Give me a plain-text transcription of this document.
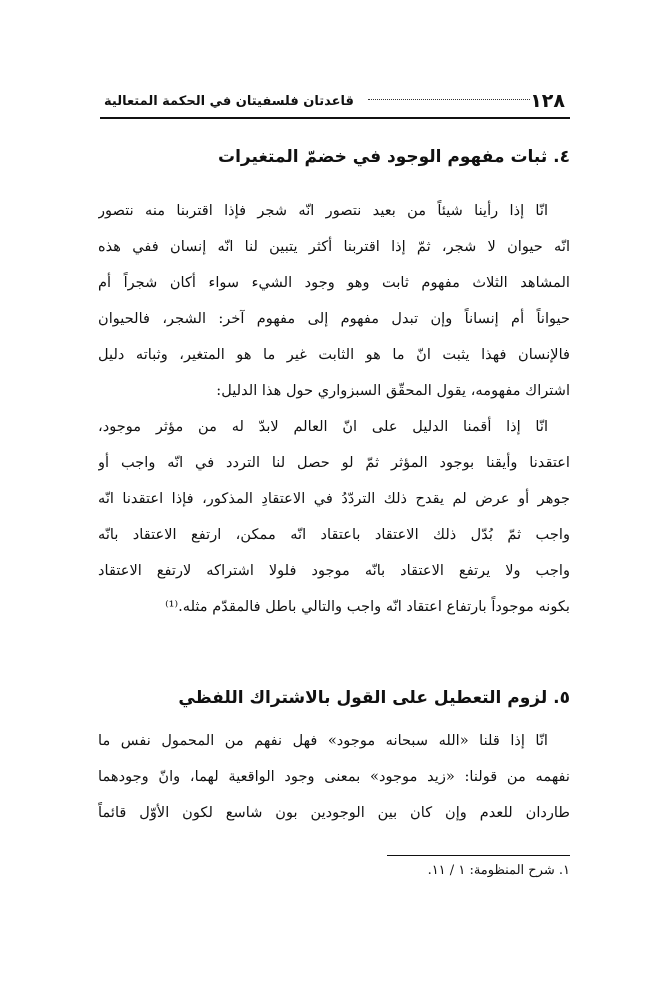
١٢٨
قاعدتان فلسفيتان في الحكمة المتعالية
٤. ثبات مفهوم الوجود في خضمّ المتغيرات
انّا إذا رأينا شيئاً من بعيد نتصور انّه شجر فإذا اقتربنا منه نتصور
انّه حيوان لا شجر، ثمّ إذا اقتربنا أكثر يتبين لنا انّه إنسان ففي هذه
المشاهد الثلاث مفهوم ثابت وهو وجود الشيء سواء أكان شجراً أم
حيواناً أم إنساناً وإن تبدل مفهوم إلى مفهوم آخر: الشجر، فالحيوان
فالإنسان فهذا يثبت انّ ما هو الثابت غير ما هو المتغير، وثباته دليل
اشتراك مفهومه، يقول المحقّق السبزواري حول هذا الدليل:
انّا إذا أقمنا الدليل على انّ العالم لابدّ له من مؤثر موجود،
اعتقدنا وأيقنا بوجود المؤثر ثمّ لو حصل لنا التردد في انّه واجب أو
جوهر أو عرض لم يقدح ذلك التردّدُ في الاعتقادِ المذكور، فإذا اعتقدنا انّه
واجب ثمّ بُدّل ذلك الاعتقاد باعتقاد انّه ممكن، ارتفع الاعتقاد بانّه
واجب ولا يرتفع الاعتقاد بانّه موجود فلولا اشتراكه لارتفع الاعتقاد
بكونه موجوداً بارتفاع اعتقاد انّه واجب والتالي باطل فالمقدّم مثله.⁽¹⁾
٥. لزوم التعطيل على القول بالاشتراك اللفظي
انّا إذا قلنا «الله سبحانه موجود» فهل نفهم من المحمول نفس ما
نفهمه من قولنا: «زيد موجود» بمعنى وجود الواقعية لهما، وانّ وجودهما
طاردان للعدم وإن كان بين الوجودين بون شاسع لكون الأوّل قائماً
١. شرح المنظومة: ١ / ١١.
